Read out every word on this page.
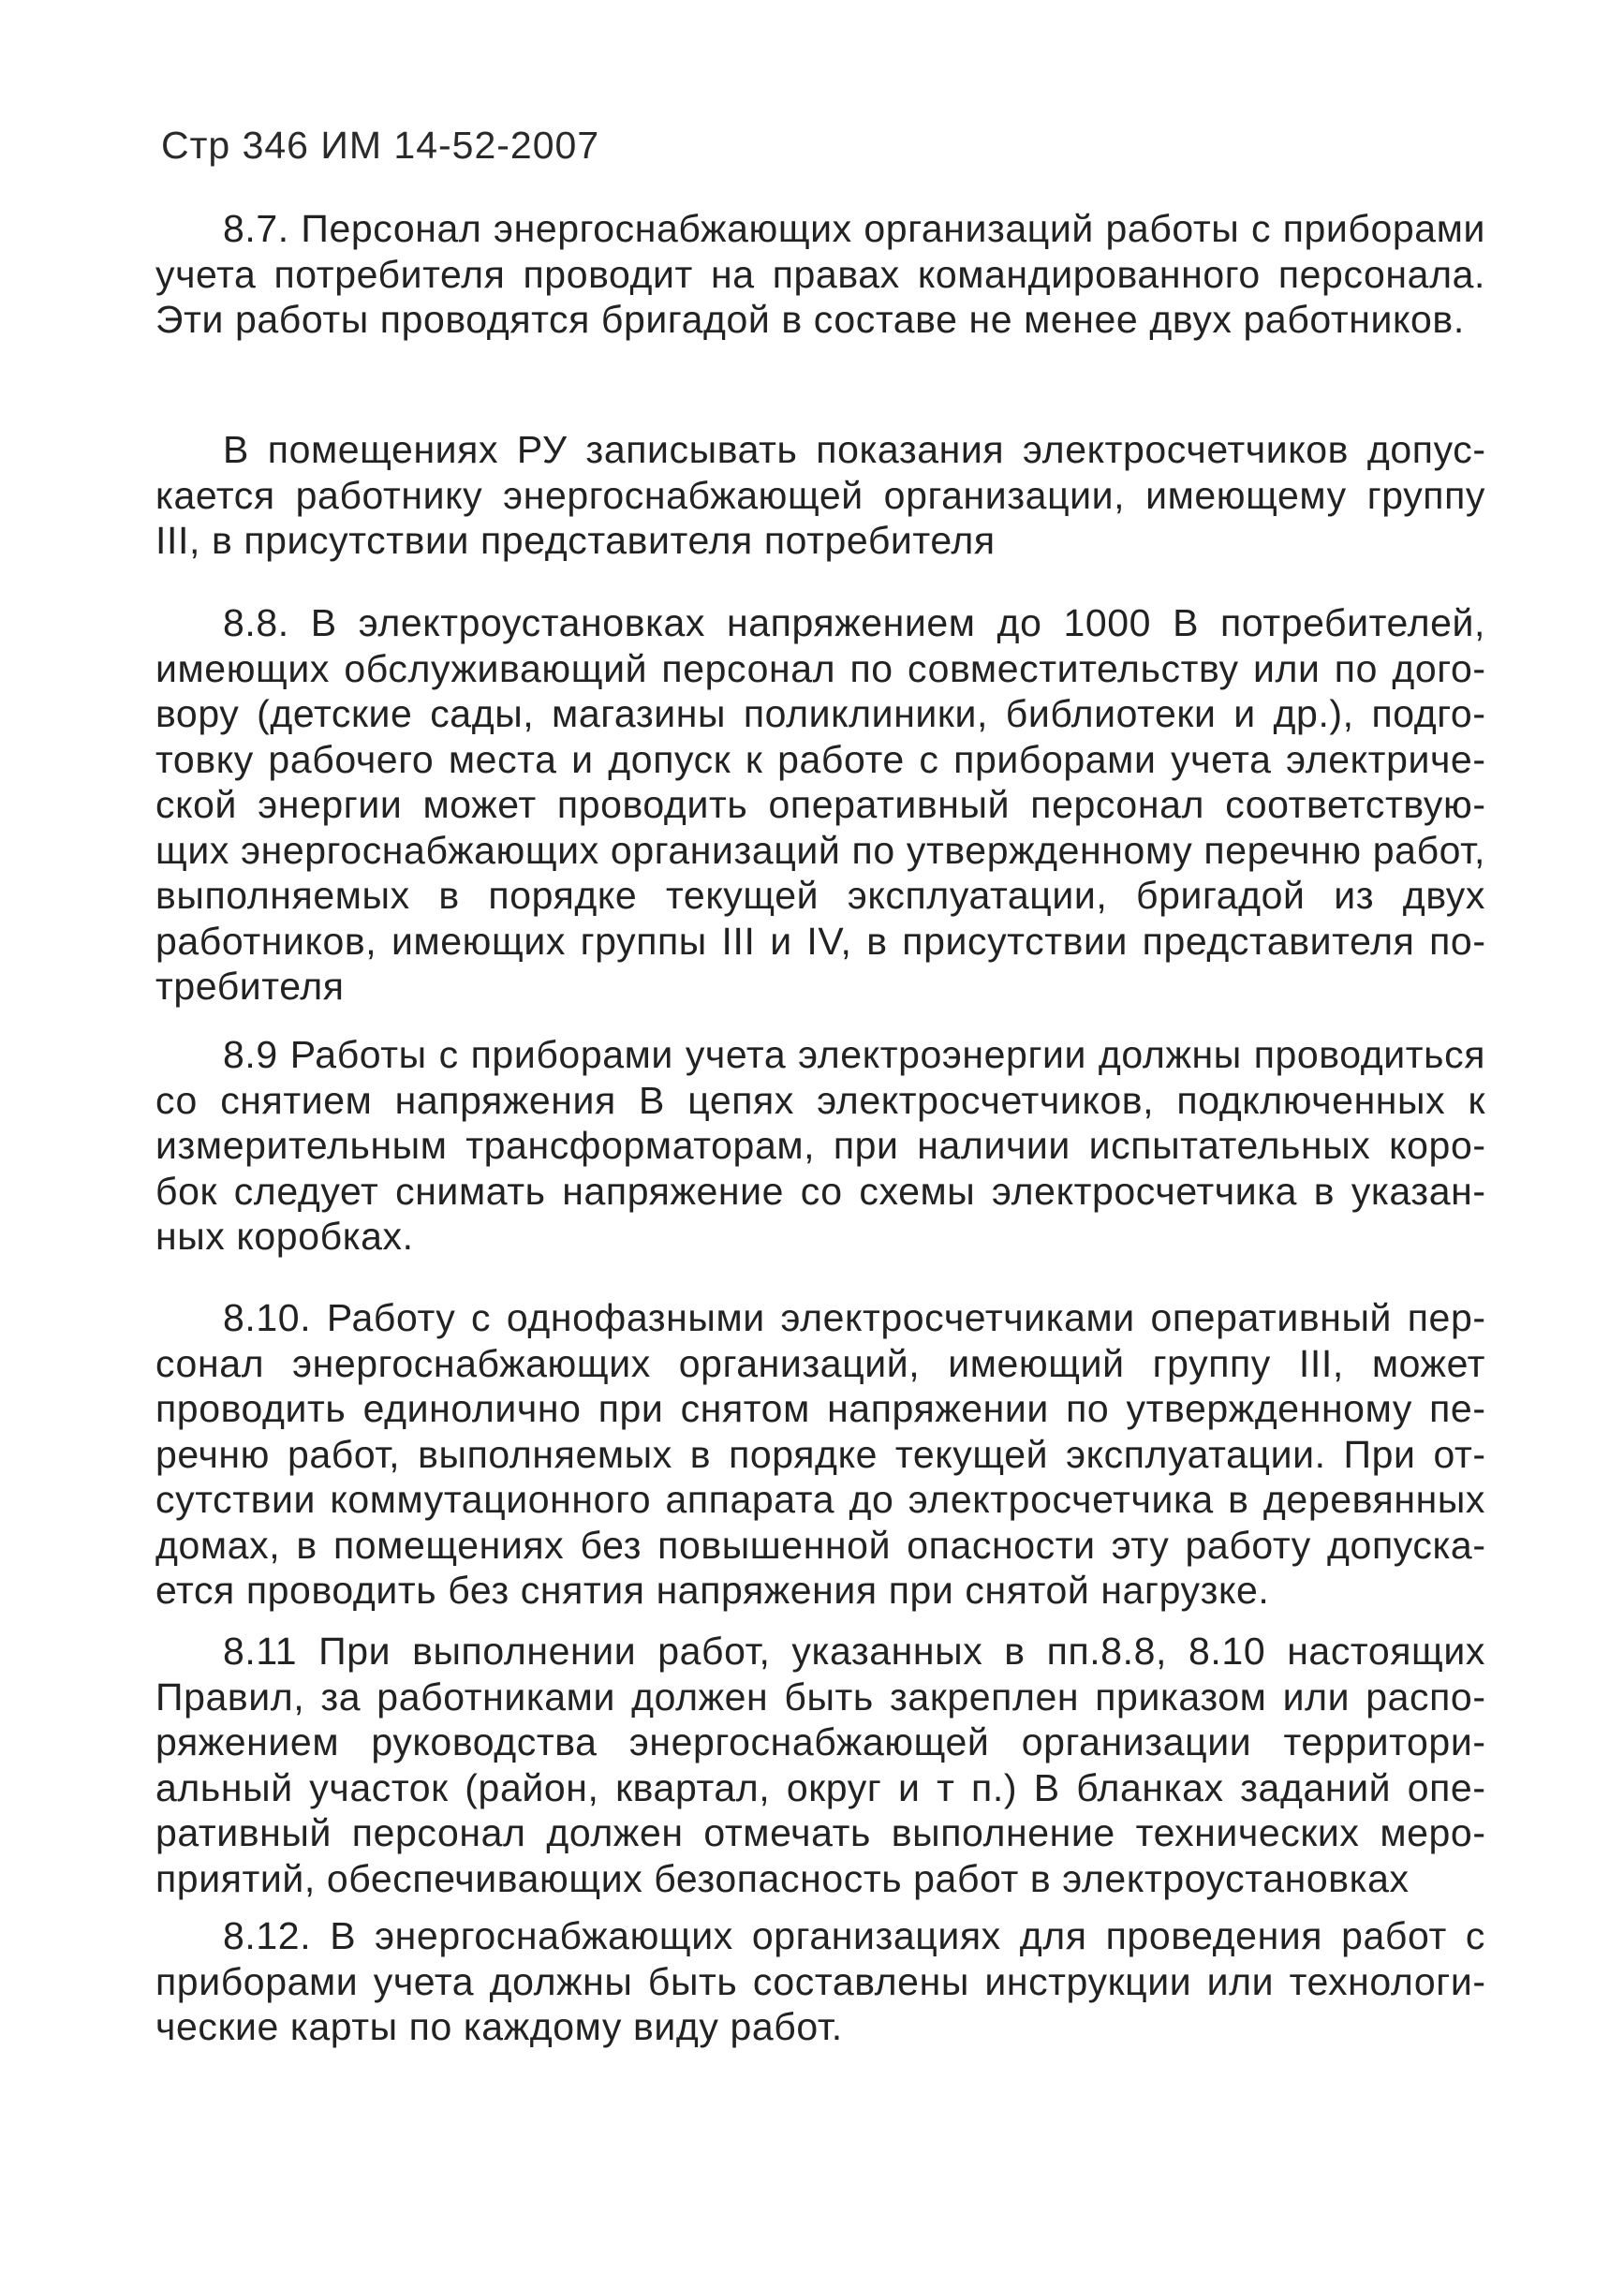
Стр 346 ИМ 14-52-2007

8.7. Персонал энергоснабжающих организаций работы с приборами учета потребителя проводит на правах командированного персонала. Эти работы проводятся бригадой в составе не менее двух работников.

В помещениях РУ записывать показания электросчетчиков допускается работнику энергоснабжающей организации, имеющему группу III, в присутствии представителя потребителя

8.8. В электроустановках напряжением до 1000 В потребителей, имеющих обслуживающий персонал по совместительству или по договору (детские сады, магазины поликлиники, библиотеки и др.), подготовку рабочего места и допуск к работе с приборами учета электрической энергии может проводить оперативный персонал соответствующих энергоснабжающих организаций по утвержденному перечню работ, выполняемых в порядке текущей эксплуатации, бригадой из двух работников, имеющих группы III и IV, в присутствии представителя потребителя

8.9 Работы с приборами учета электроэнергии должны проводиться со снятием напряжения В цепях электросчетчиков, подключенных к измерительным трансформаторам, при наличии испытательных коробок следует снимать напряжение со схемы электросчетчика в указанных коробках.

8.10. Работу с однофазными электросчетчиками оперативный персонал энергоснабжающих организаций, имеющий группу III, может проводить единолично при снятом напряжении по утвержденному перечню работ, выполняемых в порядке текущей эксплуатации. При отсутствии коммутационного аппарата до электросчетчика в деревянных домах, в помещениях без повышенной опасности эту работу допускается проводить без снятия напряжения при снятой нагрузке.

8.11 При выполнении работ, указанных в пп.8.8, 8.10 настоящих Правил, за работниками должен быть закреплен приказом или распоряжением руководства энергоснабжающей организации территориальный участок (район, квартал, округ и т п.) В бланках заданий оперативный персонал должен отмечать выполнение технических мероприятий, обеспечивающих безопасность работ в электроустановках

8.12. В энергоснабжающих организациях для проведения работ с приборами учета должны быть составлены инструкции или технологические карты по каждому виду работ.
